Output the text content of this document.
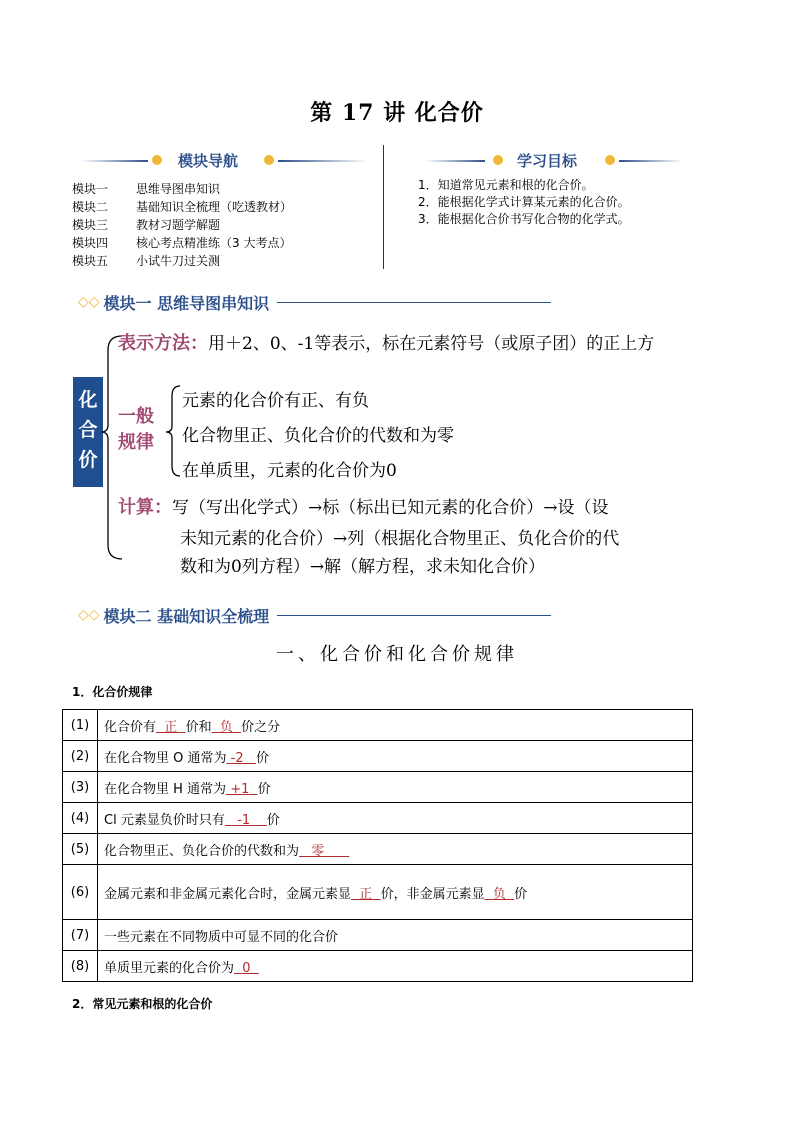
第 17 讲 化合价
模块导航
模块一	思维导图串知识
模块二	基础知识全梳理（吃透教材）
模块三	教材习题学解题
模块四	核心考点精准练（3 大考点）
模块五	小试牛刀过关测
学习目标
1．知道常见元素和根的化合价。
2．能根据化学式计算某元素的化合价。
3．能根据化合价书写化合物的化学式。
◇◇ 模块一 思维导图串知识
化
合
价
表示方法：用＋2、0、-1等表示，标在元素符号（或原子团）的正上方
一般
规律
元素的化合价有正、有负
化合物里正、负化合价的代数和为零
在单质里，元素的化合价为0
计算：写（写出化学式）→标（标出已知元素的化合价）→设（设
未知元素的化合价）→列（根据化合物里正、负化合价的代
数和为0列方程）→解（解方程，求未知化合价）
◇◇ 模块二 基础知识全梳理
一、化合价和化合价规律
1．化合价规律
(1)	化合价有 正 价和 负 价之分
(2)	在化合物里 O 通常为 -2 价
(3)	在化合物里 H 通常为 +1 价
(4)	Cl 元素显负价时只有 -1 价
(5)	化合物里正、负化合价的代数和为 零
(6)	金属元素和非金属元素化合时，金属元素显 正 价，非金属元素显 负 价
(7)	一些元素在不同物质中可显不同的化合价
(8)	单质里元素的化合价为 0
2．常见元素和根的化合价
